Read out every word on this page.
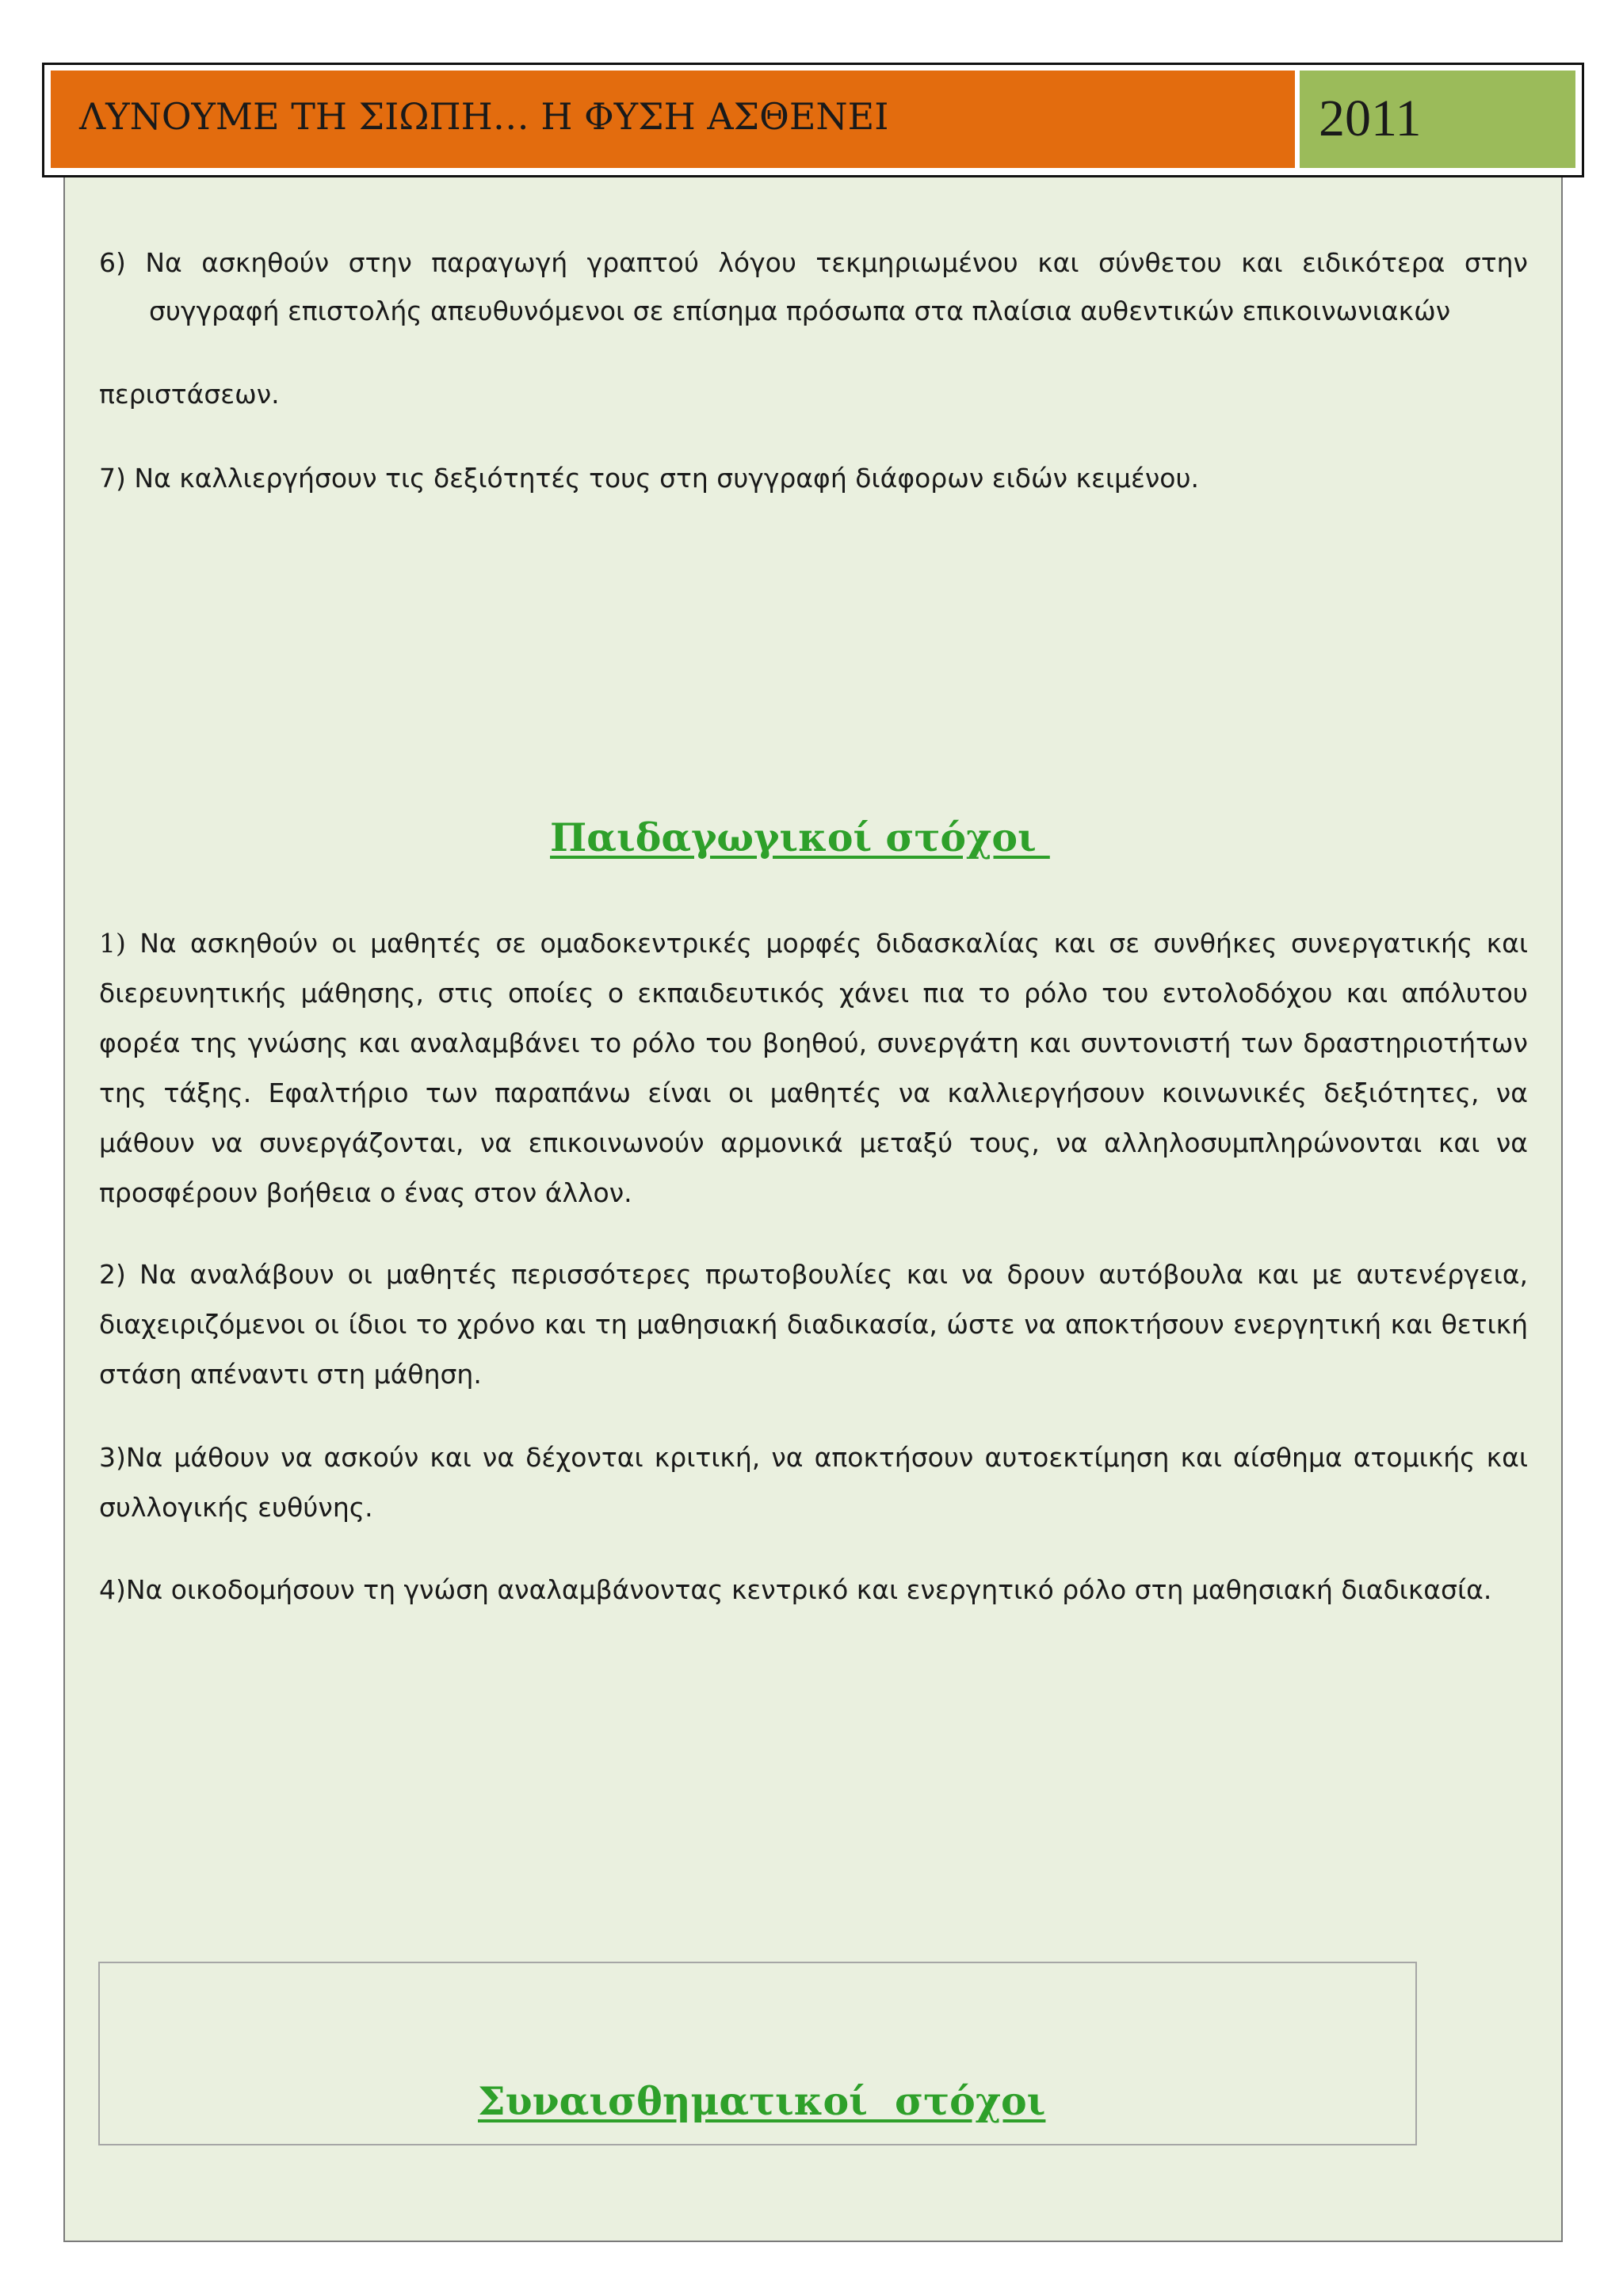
ΛΥΝΟΥΜΕ ΤΗ ΣΙΩΠΗ… Η ΦΥΣΗ ΑΣΘΕΝΕΙ	2011
6) Να ασκηθούν στην παραγωγή γραπτού λόγου τεκμηριωμένου και σύνθετου και ειδικότερα στην
συγγραφή επιστολής απευθυνόμενοι σε επίσημα πρόσωπα στα πλαίσια αυθεντικών επικοινωνιακών
περιστάσεων.
7) Να καλλιεργήσουν τις δεξιότητές τους στη συγγραφή διάφορων ειδών κειμένου.
Παιδαγωγικοί στόχοι
1) Να ασκηθούν οι μαθητές σε ομαδοκεντρικές μορφές διδασκαλίας και σε συνθήκες συνεργατικής και διερευνητικής μάθησης, στις οποίες ο εκπαιδευτικός χάνει πια το ρόλο του εντολοδόχου και απόλυτου φορέα της γνώσης και αναλαμβάνει το ρόλο του βοηθού, συνεργάτη και συντονιστή των δραστηριοτήτων της τάξης. Εφαλτήριο των παραπάνω είναι οι μαθητές να καλλιεργήσουν κοινωνικές δεξιότητες, να μάθουν να συνεργάζονται, να επικοινωνούν αρμονικά μεταξύ τους, να αλληλοσυμπληρώνονται και να προσφέρουν βοήθεια ο ένας στον άλλον.
2) Να αναλάβουν οι μαθητές περισσότερες πρωτοβουλίες και να δρουν αυτόβουλα και με αυτενέργεια, διαχειριζόμενοι οι ίδιοι το χρόνο και τη μαθησιακή διαδικασία, ώστε να αποκτήσουν ενεργητική και θετική στάση απέναντι στη μάθηση.
3)Να μάθουν να ασκούν και να δέχονται κριτική, να αποκτήσουν αυτοεκτίμηση και αίσθημα ατομικής και συλλογικής ευθύνης.
4)Να οικοδομήσουν τη γνώση αναλαμβάνοντας κεντρικό και ενεργητικό ρόλο στη μαθησιακή διαδικασία.
Συναισθηματικοί  στόχοι
